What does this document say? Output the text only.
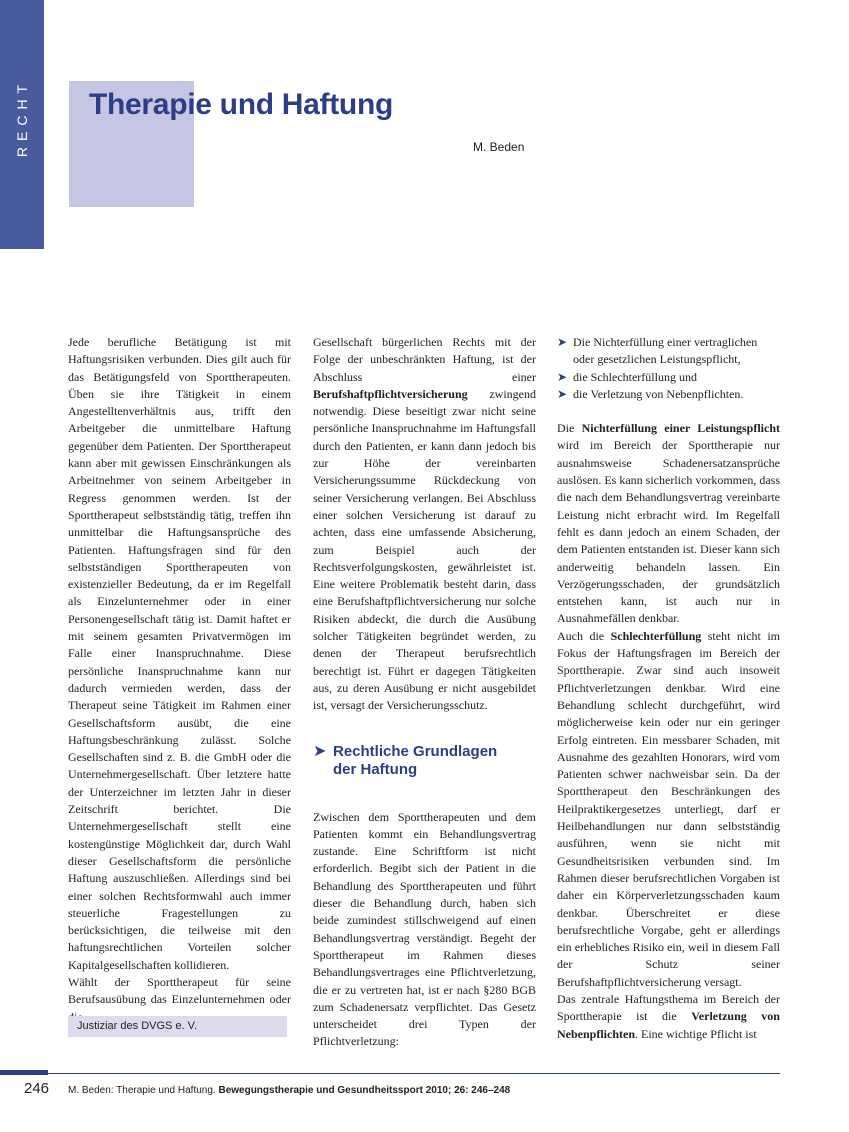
RECHT Therapie und Haftung
M. Beden

Jede berufliche Betätigung ist mit Haftungsrisiken verbunden. Dies gilt auch für das Betätigungsfeld von Sporttherapeuten. Üben sie ihre Tätigkeit in einem Angestelltenverhältnis aus, trifft den Arbeitgeber die unmittelbare Haftung gegenüber dem Patienten. Der Sporttherapeut kann aber mit gewissen Einschränkungen als Arbeitnehmer von seinem Arbeitgeber in Regress genommen werden. Ist der Sporttherapeut selbstständig tätig, treffen ihn unmittelbar die Haftungsansprüche des Patienten. Haftungsfragen sind für den selbstständigen Sporttherapeuten von existenzieller Bedeutung, da er im Regelfall als Einzelunternehmer oder in einer Personengesellschaft tätig ist. Damit haftet er mit seinem gesamten Privatvermögen im Falle einer Inanspruchnahme. Diese persönliche Inanspruchnahme kann nur dadurch vermieden werden, dass der Therapeut seine Tätigkeit im Rahmen einer Gesellschaftsform ausübt, die eine Haftungsbeschränkung zulässt. Solche Gesellschaften sind z. B. die GmbH oder die Unternehmergesellschaft. Über letztere hatte der Unterzeichner im letzten Jahr in dieser Zeitschrift berichtet. Die Unternehmergesellschaft stellt eine kostengünstige Möglichkeit dar, durch Wahl dieser Gesellschaftsform die persönliche Haftung auszuschließen. Allerdings sind bei einer solchen Rechtsformwahl auch immer steuerliche Fragestellungen zu berücksichtigen, die teilweise mit den haftungsrechtlichen Vorteilen solcher Kapitalgesellschaften kollidieren.

Wählt der Sporttherapeut für seine Berufsausübung das Einzelunternehmen oder

Gesellschaft bürgerlichen Rechts mit der Folge der unbeschränkten Haftung, ist der Abschluss einer Berufshaftpflichtversicherung zwingend notwendig. Diese beseitigt zwar nicht seine persönliche Inanspruchnahme im Haftungsfall durch den Patienten, er kann dann jedoch bis zur Höhe der vereinbarten Versicherungssumme Rückdeckung von seiner Versicherung verlangen. Bei Abschluss einer solchen Versicherung ist darauf zu achten, dass eine umfassende Absicherung, zum Beispiel auch der Rechtsverfolgungskosten, gewährleistet ist. Eine weitere Problematik besteht darin, dass eine Berufshaftpflichtversicherung nur solche Risiken abdeckt, die durch die Ausübung solcher Tätigkeiten begründet werden, zu denen der Therapeut berufsrechtlich berechtigt ist. Führt er dagegen Tätigkeiten aus, zu deren Ausübung er nicht ausgebildet ist, versagt der Versicherungsschutz.

➤ Rechtliche Grundlagen
der Haftung

Zwischen dem Sporttherapeuten und dem Patienten kommt ein Behandlungsvertrag zustande. Eine Schriftform ist nicht erforderlich. Begibt sich der Patient in die Behandlung des Sporttherapeuten und führt dieser die Behandlung durch, haben sich beide zumindest stillschweigend auf einen Behandlungsvertrag verständigt. Begeht der Sporttherapeut im Rahmen dieses Behandlungsvertrages eine Pflichtverletzung, die er zu vertreten hat, ist er nach §280 BGB zum Schadenersatz verpflichtet. Das Gesetz unterscheidet drei Typen der Pflichtverletzung:

➤ Die Nichterfüllung einer vertraglichen oder gesetzlichen Leistungspflicht,
➤ die Schlechterfüllung und
➤ die Verletzung von Nebenpflichten.

Die Nichterfüllung einer Leistungspflicht wird im Bereich der Sporttherapie nur ausnahmsweise Schadenersatzansprüche auslösen. Es kann sicherlich vorkommen, dass die nach dem Behandlungsvertrag vereinbarte Leistung nicht erbracht wird. Im Regelfall fehlt es dann jedoch an einem Schaden, der dem Patienten entstanden ist. Dieser kann sich anderweitig behandeln lassen. Ein Verzögerungsschaden, der grundsätzlich entstehen kann, ist auch nur in Ausnahmefällen denkbar.

Auch die Schlechterfüllung steht nicht im Fokus der Haftungsfragen im Bereich der Sporttherapie. Zwar sind auch insoweit Pflichtverletzungen denkbar. Wird eine Behandlung schlecht durchgeführt, wird möglicherweise kein oder nur ein geringer Erfolg eintreten. Ein messbarer Schaden, mit Ausnahme des gezahlten Honorars, wird vom Patienten schwer nachweisbar sein. Da der Sporttherapeut den Beschränkungen des Heilpraktikergesetzes unterliegt, darf er Heilbehandlungen nur dann selbstständig ausführen, wenn sie nicht mit Gesundheitsrisiken verbunden sind. Im Rahmen dieser berufsrechtlichen Vorgaben ist daher ein Körperverletzungsschaden kaum denkbar. Überschreitet er diese berufsrechtliche Vorgabe, geht er allerdings ein erhebliches Risiko ein, weil in diesem Fall der Schutz seiner Berufshaftpflichtversicherung versagt.

Das zentrale Haftungsthema im Bereich der Sporttherapie ist die Verletzung von Nebenpflichten. Eine wichtige Pflicht ist

Justiziar des DVGS e. V.
246 M. Beden: Therapie und Haftung. Bewegungstherapie und Gesundheitssport 2010; 26: 246–248
